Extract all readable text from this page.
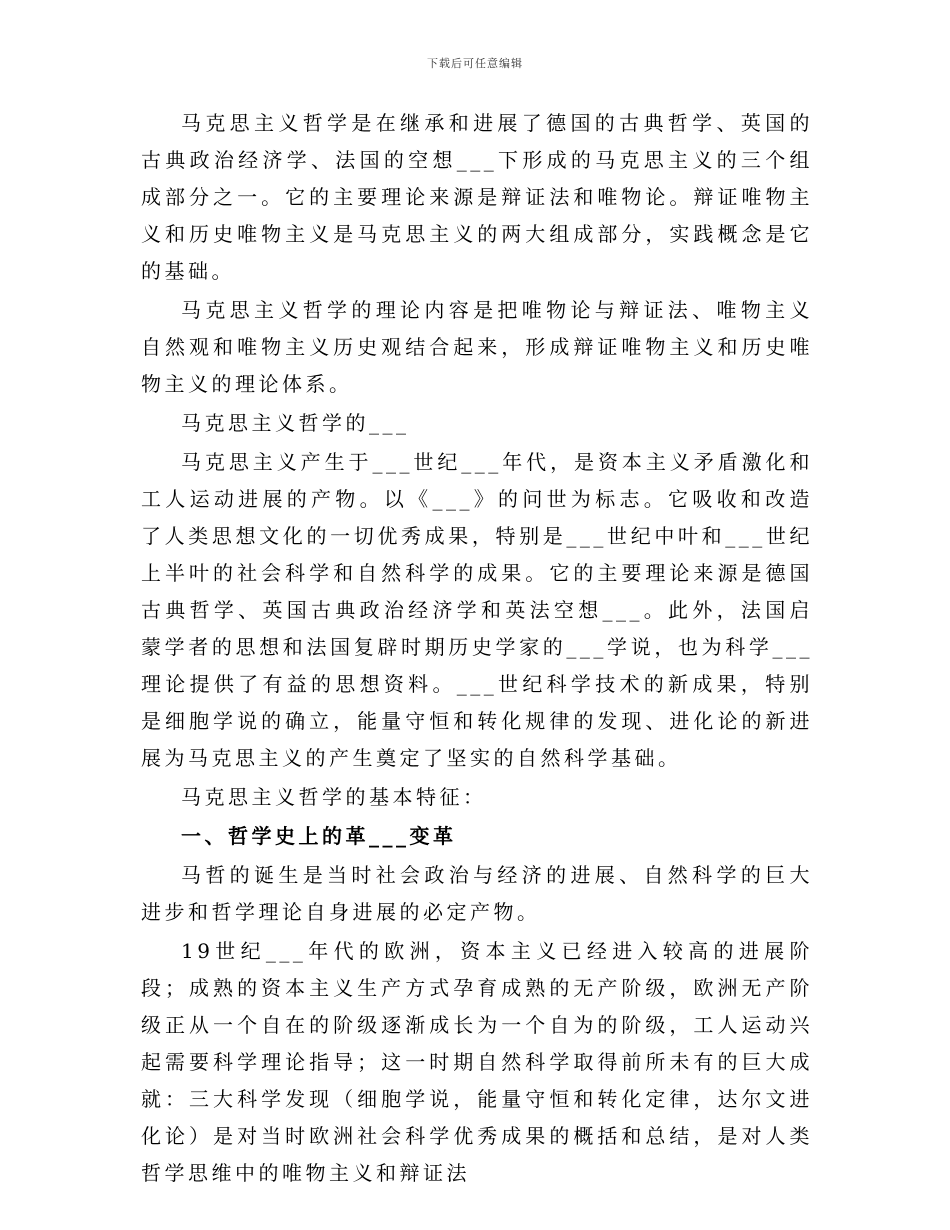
下载后可任意编辑

马克思主义哲学是在继承和进展了德国的古典哲学、英国的古典政治经济学、法国的空想___下形成的马克思主义的三个组成部分之一。它的主要理论来源是辩证法和唯物论。辩证唯物主义和历史唯物主义是马克思主义的两大组成部分，实践概念是它的基础。

马克思主义哲学的理论内容是把唯物论与辩证法、唯物主义自然观和唯物主义历史观结合起来，形成辩证唯物主义和历史唯物主义的理论体系。

马克思主义哲学的___

马克思主义产生于___世纪___年代，是资本主义矛盾激化和工人运动进展的产物。以《___》的问世为标志。它吸收和改造了人类思想文化的一切优秀成果，特别是___世纪中叶和___世纪上半叶的社会科学和自然科学的成果。它的主要理论来源是德国古典哲学、英国古典政治经济学和英法空想___。此外，法国启蒙学者的思想和法国复辟时期历史学家的___学说，也为科学___理论提供了有益的思想资料。___世纪科学技术的新成果，特别是细胞学说的确立，能量守恒和转化规律的发现、进化论的新进展为马克思主义的产生奠定了坚实的自然科学基础。

马克思主义哲学的基本特征：

一、哲学史上的革___变革

马哲的诞生是当时社会政治与经济的进展、自然科学的巨大进步和哲学理论自身进展的必定产物。

19世纪___年代的欧洲，资本主义已经进入较高的进展阶段；成熟的资本主义生产方式孕育成熟的无产阶级，欧洲无产阶级正从一个自在的阶级逐渐成长为一个自为的阶级，工人运动兴起需要科学理论指导；这一时期自然科学取得前所未有的巨大成就：三大科学发现（细胞学说，能量守恒和转化定律，达尔文进化论）是对当时欧洲社会科学优秀成果的概括和总结，是对人类哲学思维中的唯物主义和辩证法
